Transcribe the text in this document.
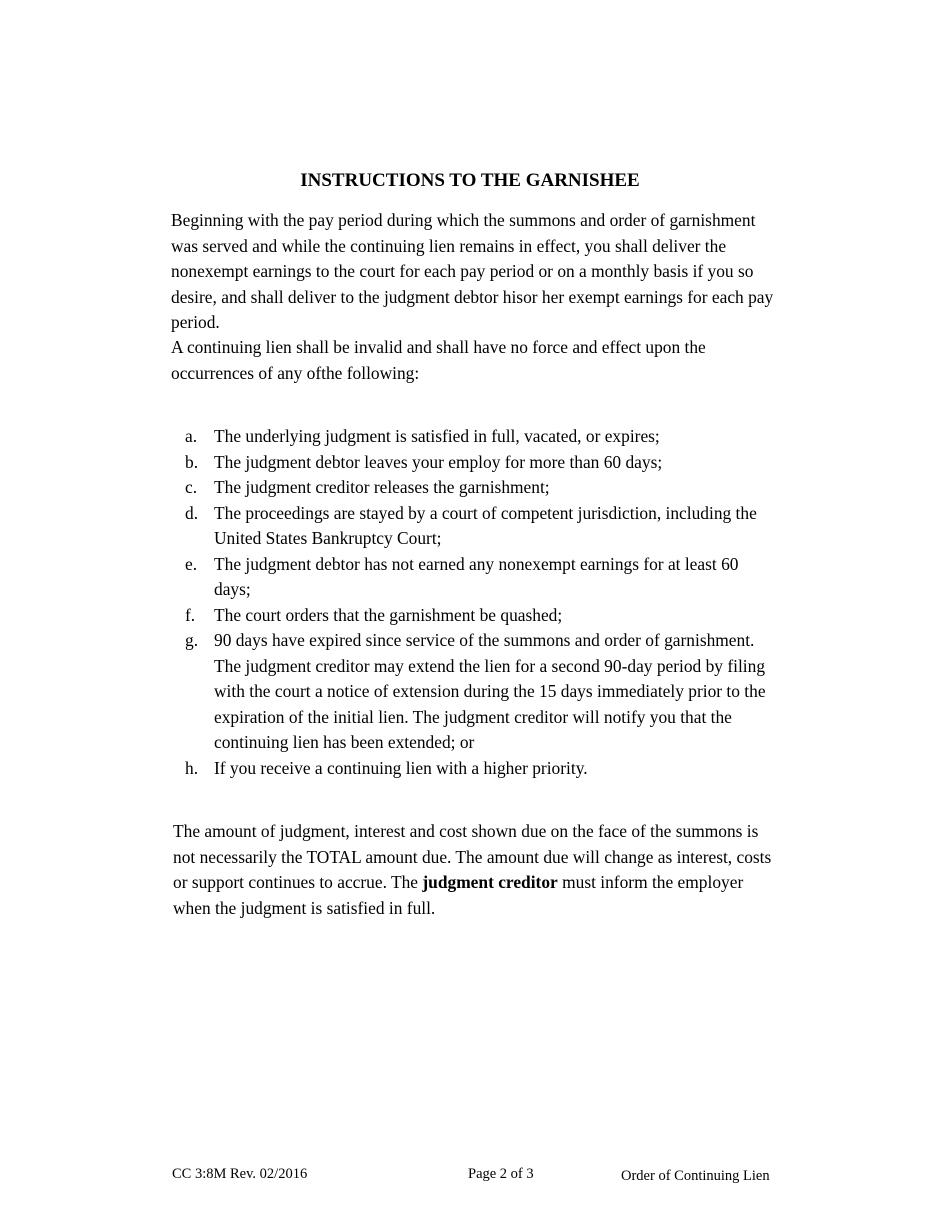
INSTRUCTIONS TO THE GARNISHEE

Beginning with the pay period during which the summons and order of garnishment was served and while the continuing lien remains in effect, you shall deliver the nonexempt earnings to the court for each pay period or on a monthly basis if you so desire, and shall deliver to the judgment debtor hisor her exempt earnings for each pay period.

A continuing lien shall be invalid and shall have no force and effect upon the occurrences of any ofthe following:

a. The underlying judgment is satisfied in full, vacated, or expires;
b. The judgment debtor leaves your employ for more than 60 days;
c. The judgment creditor releases the garnishment;
d. The proceedings are stayed by a court of competent jurisdiction, including the United States Bankruptcy Court;
e. The judgment debtor has not earned any nonexempt earnings for at least 60 days;
f. The court orders that the garnishment be quashed;
g. 90 days have expired since service of the summons and order of garnishment. The judgment creditor may extend the lien for a second 90-day period by filing with the court a notice of extension during the 15 days immediately prior to the expiration of the initial lien. The judgment creditor will notify you that the continuing lien has been extended; or
h. If you receive a continuing lien with a higher priority.

The amount of judgment, interest and cost shown due on the face of the summons is not necessarily the TOTAL amount due. The amount due will change as interest, costs or support continues to accrue. The judgment creditor must inform the employer when the judgment is satisfied in full.

CC 3:8M Rev. 02/2016	Page 2 of 3	Order of Continuing Lien
